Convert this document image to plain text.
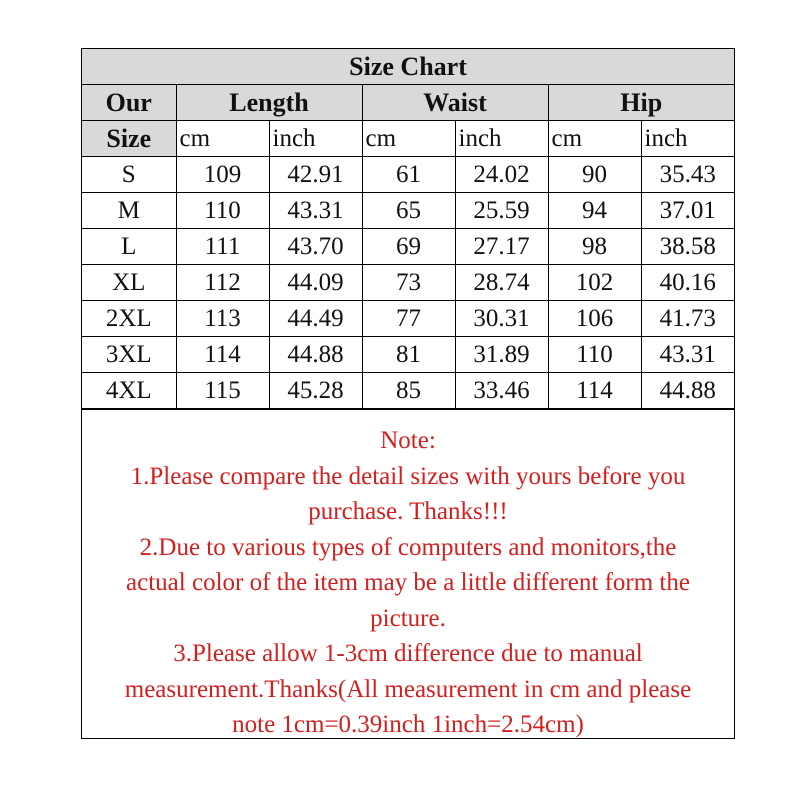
Size Chart						
Our	Length		Waist		Hip	
Size	cm	inch	cm	inch	cm	inch
S	109	42.91	61	24.02	90	35.43
M	110	43.31	65	25.59	94	37.01
L	111	43.70	69	27.17	98	38.58
XL	112	44.09	73	28.74	102	40.16
2XL	113	44.49	77	30.31	106	41.73
3XL	114	44.88	81	31.89	110	43.31
4XL	115	45.28	85	33.46	114	44.88
Note:
1.Please compare the detail sizes with yours before you
purchase. Thanks!!!
2.Due to various types of computers and monitors,the
actual color of the item may be a little different form the
picture.
3.Please allow 1-3cm difference due to manual
measurement.Thanks(All measurement in cm and please
note 1cm=0.39inch 1inch=2.54cm)
